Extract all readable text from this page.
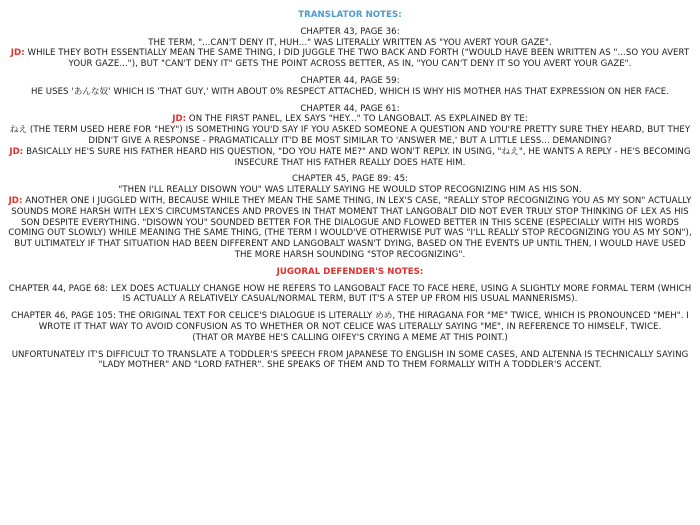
TRANSLATOR NOTES:

CHAPTER 43, PAGE 36:

THE TERM, "...CAN'T DENY IT, HUH..." WAS LITERALLY WRITTEN AS "YOU AVERT YOUR GAZE".

JD: WHILE THEY BOTH ESSENTIALLY MEAN THE SAME THING, I DID JUGGLE THE TWO BACK AND FORTH ("WOULD HAVE BEEN WRITTEN AS "...SO YOU AVERT YOUR GAZE..."), BUT "CAN'T DENY IT" GETS THE POINT ACROSS BETTER, AS IN, "YOU CAN'T DENY IT SO YOU AVERT YOUR GAZE".

CHAPTER 44, PAGE 59:

HE USES 'あんな奴' WHICH IS 'THAT GUY,' WITH ABOUT 0% RESPECT ATTACHED, WHICH IS WHY HIS MOTHER HAS THAT EXPRESSION ON HER FACE.

CHAPTER 44, PAGE 61:

JD: ON THE FIRST PANEL, LEX SAYS "HEY..." TO LANGOBALT. AS EXPLAINED BY TE:

ねえ (THE TERM USED HERE FOR "HEY") IS SOMETHING YOU'D SAY IF YOU ASKED SOMEONE A QUESTION AND YOU'RE PRETTY SURE THEY HEARD, BUT THEY DIDN'T GIVE A RESPONSE - PRAGMATICALLY IT'D BE MOST SIMILAR TO 'ANSWER ME,' BUT A LITTLE LESS... DEMANDING?

JD: BASICALLY HE'S SURE HIS FATHER HEARD HIS QUESTION, "DO YOU HATE ME?" AND WON'T REPLY. IN USING, "ねえ", HE WANTS A REPLY - HE'S BECOMING INSECURE THAT HIS FATHER REALLY DOES HATE HIM.

CHAPTER 45, PAGE 89: 45:

"THEN I'LL REALLY DISOWN YOU" WAS LITERALLY SAYING HE WOULD STOP RECOGNIZING HIM AS HIS SON.

JD: ANOTHER ONE I JUGGLED WITH, BECAUSE WHILE THEY MEAN THE SAME THING, IN LEX'S CASE, "REALLY STOP RECOGNIZING YOU AS MY SON" ACTUALLY SOUNDS MORE HARSH WITH LEX'S CIRCUMSTANCES AND PROVES IN THAT MOMENT THAT LANGOBALT DID NOT EVER TRULY STOP THINKING OF LEX AS HIS SON DESPITE EVERYTHING. "DISOWN YOU" SOUNDED BETTER FOR THE DIALOGUE AND FLOWED BETTER IN THIS SCENE (ESPECIALLY WITH HIS WORDS COMING OUT SLOWLY) WHILE MEANING THE SAME THING, (THE TERM I WOULD'VE OTHERWISE PUT WAS "I'LL REALLY STOP RECOGNIZING YOU AS MY SON"), BUT ULTIMATELY IF THAT SITUATION HAD BEEN DIFFERENT AND LANGOBALT WASN'T DYING, BASED ON THE EVENTS UP UNTIL THEN, I WOULD HAVE USED THE MORE HARSH SOUNDING "STOP RECOGNIZING".

JUGORAL DEFENDER'S NOTES:

CHAPTER 44, PAGE 68: LEX DOES ACTUALLY CHANGE HOW HE REFERS TO LANGOBALT FACE TO FACE HERE, USING A SLIGHTLY MORE FORMAL TERM (WHICH IS ACTUALLY A RELATIVELY CASUAL/NORMAL TERM, BUT IT'S A STEP UP FROM HIS USUAL MANNERISMS).

CHAPTER 46, PAGE 105: THE ORIGINAL TEXT FOR CELICE'S DIALOGUE IS LITERALLY めめ, THE HIRAGANA FOR "ME" TWICE, WHICH IS PRONOUNCED "MEH". I WROTE IT THAT WAY TO AVOID CONFUSION AS TO WHETHER OR NOT CELICE WAS LITERALLY SAYING "ME", IN REFERENCE TO HIMSELF, TWICE.
(THAT OR MAYBE HE'S CALLING OIFEY'S CRYING A MEME AT THIS POINT.)

UNFORTUNATELY IT'S DIFFICULT TO TRANSLATE A TODDLER'S SPEECH FROM JAPANESE TO ENGLISH IN SOME CASES, AND ALTENNA IS TECHNICALLY SAYING "LADY MOTHER" AND "LORD FATHER". SHE SPEAKS OF THEM AND TO THEM FORMALLY WITH A TODDLER'S ACCENT.
